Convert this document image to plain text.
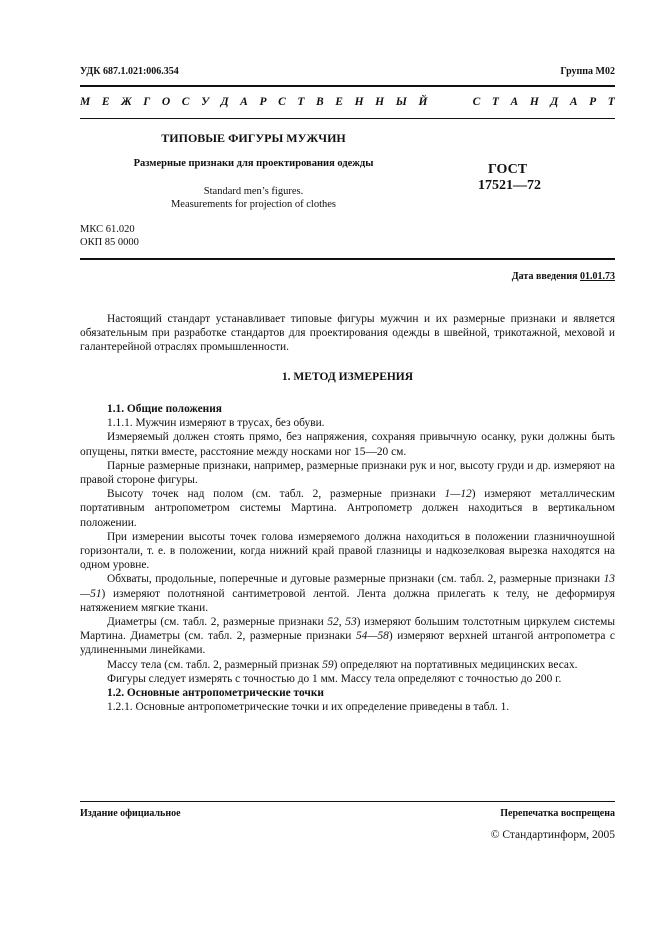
УДК 687.1.021:006.354	Группа М02
М Е Ж Г О С У Д А Р С Т В Е Н Н Ы Й	С Т А Н Д А Р Т
ТИПОВЫЕ ФИГУРЫ МУЖЧИН
Размерные признаки для проектирования одежды
Standard men’s figures.
Measurements for projection of clothes
ГОСТ
17521—72
МКС 61.020
ОКП 85 0000
Дата введения 01.01.73

Настоящий стандарт устанавливает типовые фигуры мужчин и их размерные признаки и является обязательным при разработке стандартов для проектирования одежды в швейной, трикотажной, меховой и галантерейной отраслях промышленности.

1. МЕТОД ИЗМЕРЕНИЯ

1.1. Общие положения

1.1.1. Мужчин измеряют в трусах, без обуви.

Измеряемый должен стоять прямо, без напряжения, сохраняя привычную осанку, руки должны быть опущены, пятки вместе, расстояние между носками ног 15—20 см.

Парные размерные признаки, например, размерные признаки рук и ног, высоту груди и др. измеряют на правой стороне фигуры.

Высоту точек над полом (см. табл. 2, размерные признаки 1—12) измеряют металлическим портативным антропометром системы Мартина. Антропометр должен находиться в вертикальном положении.

При измерении высоты точек голова измеряемого должна находиться в положении глазничноушной горизонтали, т. е. в положении, когда нижний край правой глазницы и надкозелковая вырезка находятся на одном уровне.

Обхваты, продольные, поперечные и дуговые размерные признаки (см. табл. 2, размерные признаки 13—51) измеряют полотняной сантиметровой лентой. Лента должна прилегать к телу, не деформируя натяжением мягкие ткани.

Диаметры (см. табл. 2, размерные признаки 52, 53) измеряют большим толстотным циркулем системы Мартина. Диаметры (см. табл. 2, размерные признаки 54—58) измеряют верхней штангой антропометра с удлиненными линейками.

Массу тела (см. табл. 2, размерный признак 59) определяют на портативных медицинских весах.

Фигуры следует измерять с точностью до 1 мм. Массу тела определяют с точностью до 200 г.

1.2. Основные антропометрические точки

1.2.1. Основные антропометрические точки и их определение приведены в табл. 1.

Издание официальное	Перепечатка воспрещена
© Стандартинформ, 2005
